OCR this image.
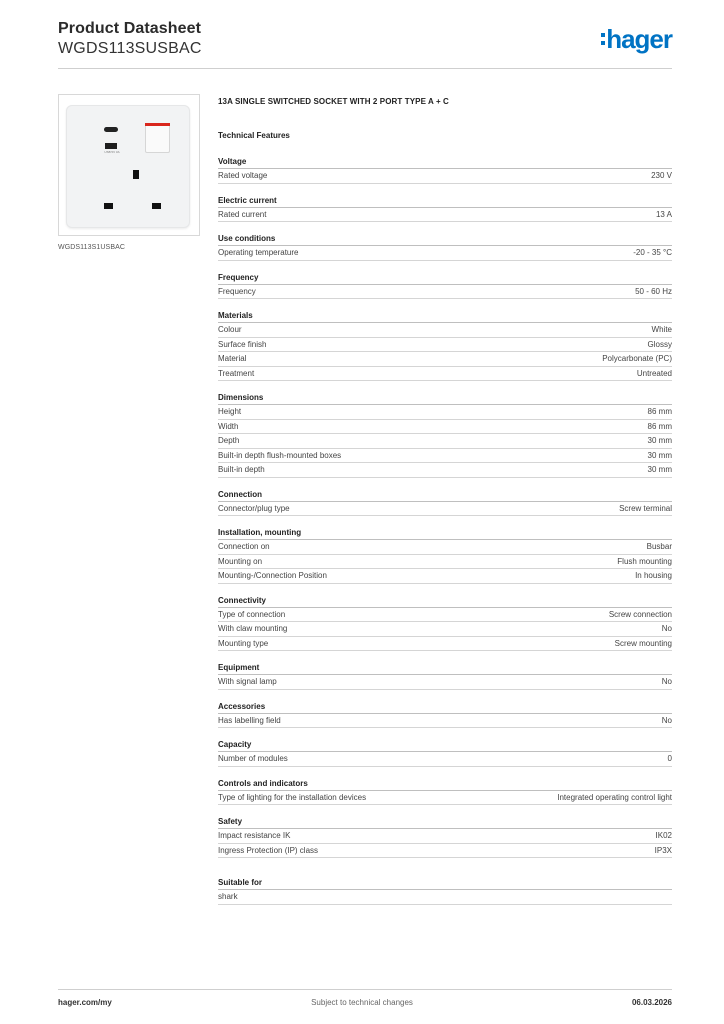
Product Datasheet
WGDS113SUSBAC	hager
USB 5V 3A
WGDS113S1USBAC
13A SINGLE SWITCHED SOCKET WITH 2 PORT TYPE A + C
Technical Features
Voltage
Rated voltage	230 V
Electric current
Rated current	13 A
Use conditions
Operating temperature	-20 - 35 °C
Frequency
Frequency	50 - 60 Hz
Materials
Colour	White
Surface finish	Glossy
Material	Polycarbonate (PC)
Treatment	Untreated
Dimensions
Height	86 mm
Width	86 mm
Depth	30 mm
Built-in depth flush-mounted boxes	30 mm
Built-in depth	30 mm
Connection
Connector/plug type	Screw terminal
Installation, mounting
Connection on	Busbar
Mounting on	Flush mounting
Mounting-/Connection Position	In housing
Connectivity
Type of connection	Screw connection
With claw mounting	No
Mounting type	Screw mounting
Equipment
With signal lamp	No
Accessories
Has labelling field	No
Capacity
Number of modules	0
Controls and indicators
Type of lighting for the installation devices	Integrated operating control light
Safety
Impact resistance IK	IK02
Ingress Protection (IP) class	IP3X
Suitable for
shark
hager.com/my	Subject to technical changes	06.03.2026
